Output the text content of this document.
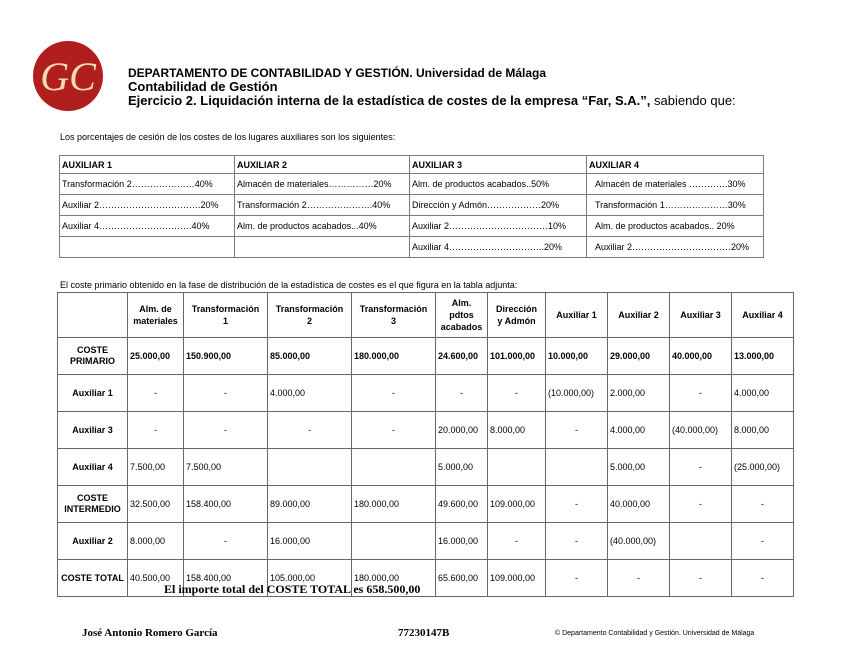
GC	DEPARTAMENTO DE CONTABILIDAD Y GESTIÓN. Universidad de Málaga
Contabilidad de Gestión
Ejercicio 2. Liquidación interna de la estadística de costes de la empresa “Far, S.A.”, sabiendo que:
Los porcentajes de cesión de los costes de los lugares auxiliares son los siguientes:
AUXILIAR 1	AUXILIAR 2	AUXILIAR 3	AUXILIAR 4
Transformación 2…………………40%	Almacén de materiales……………20%	Alm. de productos acabados..50%	Almacén de materiales ………….30%
Auxiliar 2…………………………….20%	Transformación 2………………….40%	Dirección y Admón………………20%	Transformación 1…………………30%
Auxiliar 4………………………….40%	Alm. de productos acabados...40%	Auxiliar 2……………………………10%	Alm. de productos acabados.. 20%
		Auxiliar 4…………………………..20%	Auxiliar 2……………………………20%
El coste primario obtenido en la fase de distribución de la estadística de costes es el que figura en la tabla adjunta:
	Alm. de
materiales	Transformación
1	Transformación
2	Transformación
3	Alm.
pdtos
acabados	Dirección
y Admón	Auxiliar 1	Auxiliar 2	Auxiliar 3	Auxiliar 4
COSTE PRIMARIO	25.000,00	150.900,00	85.000,00	180.000,00	24.600,00	101.000,00	10.000,00	29.000,00	40.000,00	13.000,00
Auxiliar 1	-	-	4.000,00	-	-	-	(10.000,00)	2.000,00	-	4.000,00
Auxiliar 3	-	-	-	-	20.000,00	8.000,00	-	4.000,00	(40.000,00)	8.000,00
Auxiliar 4	7.500,00	7.500,00			5.000,00			5.000,00	-	(25.000,00)
COSTE INTERMEDIO	32.500,00	158.400,00	89.000,00	180.000,00	49.600,00	109.000,00	-	40.000,00	-	-
Auxiliar 2	8.000,00	-	16.000,00		16.000,00	-	-	(40.000,00)		-
COSTE TOTAL	40.500,00	158.400,00	105.000,00	180.000,00	65.600,00	109.000,00	-	-	-	-
El importe total del COSTE TOTAL es 658.500,00
José Antonio Romero García	77230147B	© Departamento Contabilidad y Gestión. Universidad de Málaga
